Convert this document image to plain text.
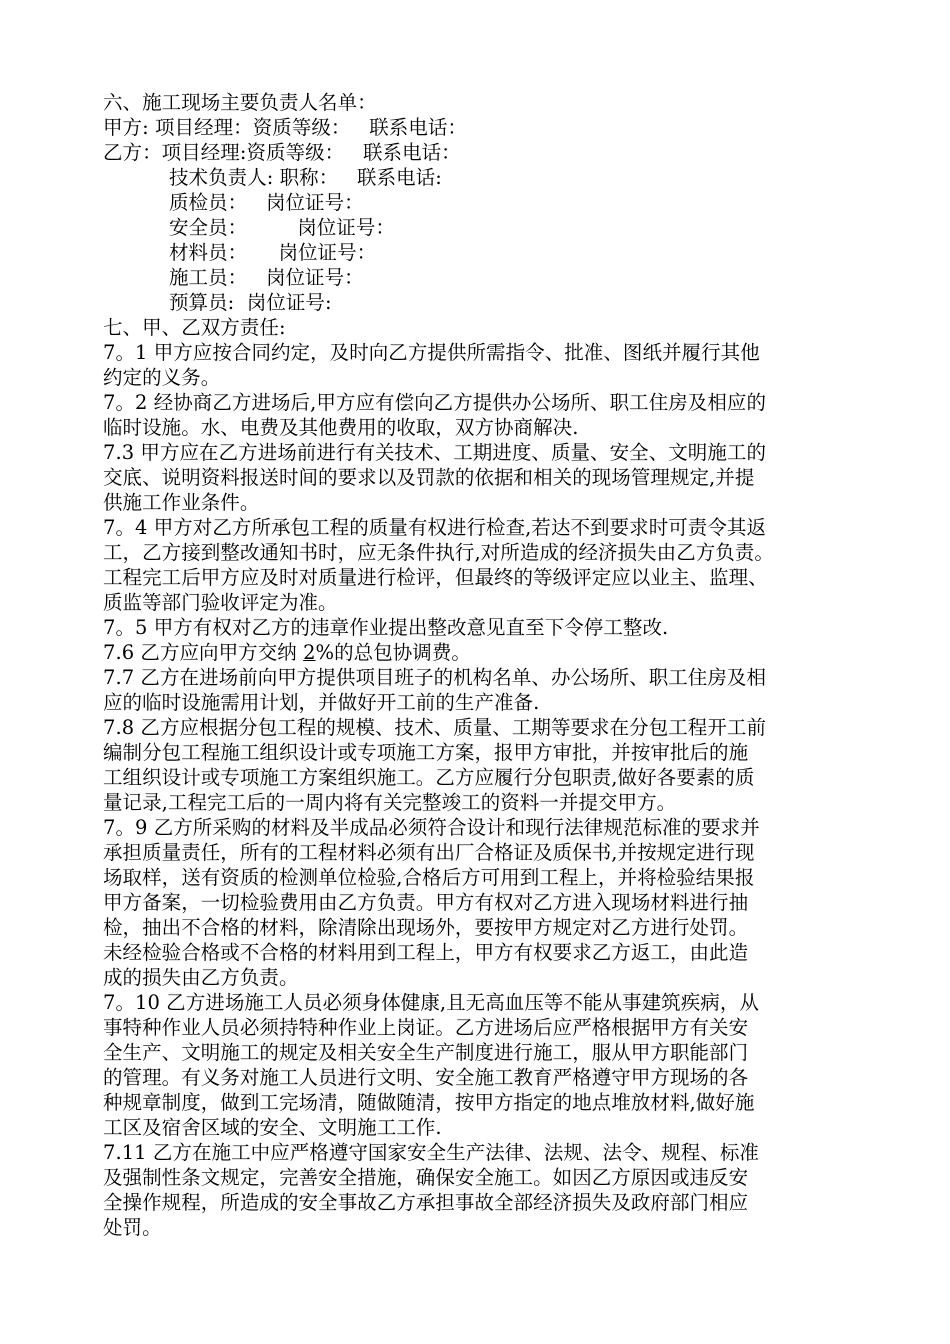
六、施工现场主要负责人名单：
甲方: 项目经理：资质等级：   联系电话：
乙方：项目经理:资质等级：   联系电话：
技术负责人: 职称：   联系电话:
质检员：   岗位证号：
安全员：        岗位证号：
材料员：     岗位证号：
施工员：   岗位证号：
预算员:  岗位证号:
七、甲、乙双方责任:
7。1 甲方应按合同约定，及时向乙方提供所需指令、批准、图纸并履行其他
约定的义务。
7。2 经协商乙方进场后,甲方应有偿向乙方提供办公场所、职工住房及相应的
临时设施。水、电费及其他费用的收取，双方协商解决.
7.3 甲方应在乙方进场前进行有关技术、工期进度、质量、安全、文明施工的
交底、说明资料报送时间的要求以及罚款的依据和相关的现场管理规定,并提
供施工作业条件。
7。4 甲方对乙方所承包工程的质量有权进行检查,若达不到要求时可责令其返
工，乙方接到整改通知书时，应无条件执行,对所造成的经济损失由乙方负责。
工程完工后甲方应及时对质量进行检评，但最终的等级评定应以业主、监理、
质监等部门验收评定为准。
7。5 甲方有权对乙方的违章作业提出整改意见直至下令停工整改.
7.6 乙方应向甲方交纳 2%的总包协调费。
7.7 乙方在进场前向甲方提供项目班子的机构名单、办公场所、职工住房及相
应的临时设施需用计划，并做好开工前的生产准备.
7.8 乙方应根据分包工程的规模、技术、质量、工期等要求在分包工程开工前
编制分包工程施工组织设计或专项施工方案，报甲方审批，并按审批后的施
工组织设计或专项施工方案组织施工。乙方应履行分包职责,做好各要素的质
量记录,工程完工后的一周内将有关完整竣工的资料一并提交甲方。
7。9 乙方所采购的材料及半成品必须符合设计和现行法律规范标准的要求并
承担质量责任，所有的工程材料必须有出厂合格证及质保书,并按规定进行现
场取样，送有资质的检测单位检验,合格后方可用到工程上，并将检验结果报
甲方备案，一切检验费用由乙方负责。甲方有权对乙方进入现场材料进行抽
检，抽出不合格的材料，除清除出现场外，要按甲方规定对乙方进行处罚。
未经检验合格或不合格的材料用到工程上，甲方有权要求乙方返工，由此造
成的损失由乙方负责。
7。10 乙方进场施工人员必须身体健康,且无高血压等不能从事建筑疾病，从
事特种作业人员必须持特种作业上岗证。乙方进场后应严格根据甲方有关安
全生产、文明施工的规定及相关安全生产制度进行施工，服从甲方职能部门
的管理。有义务对施工人员进行文明、安全施工教育严格遵守甲方现场的各
种规章制度，做到工完场清，随做随清，按甲方指定的地点堆放材料,做好施
工区及宿舍区域的安全、文明施工工作.
7.11 乙方在施工中应严格遵守国家安全生产法律、法规、法令、规程、标准
及强制性条文规定，完善安全措施，确保安全施工。如因乙方原因或违反安
全操作规程，所造成的安全事故乙方承担事故全部经济损失及政府部门相应
处罚。
